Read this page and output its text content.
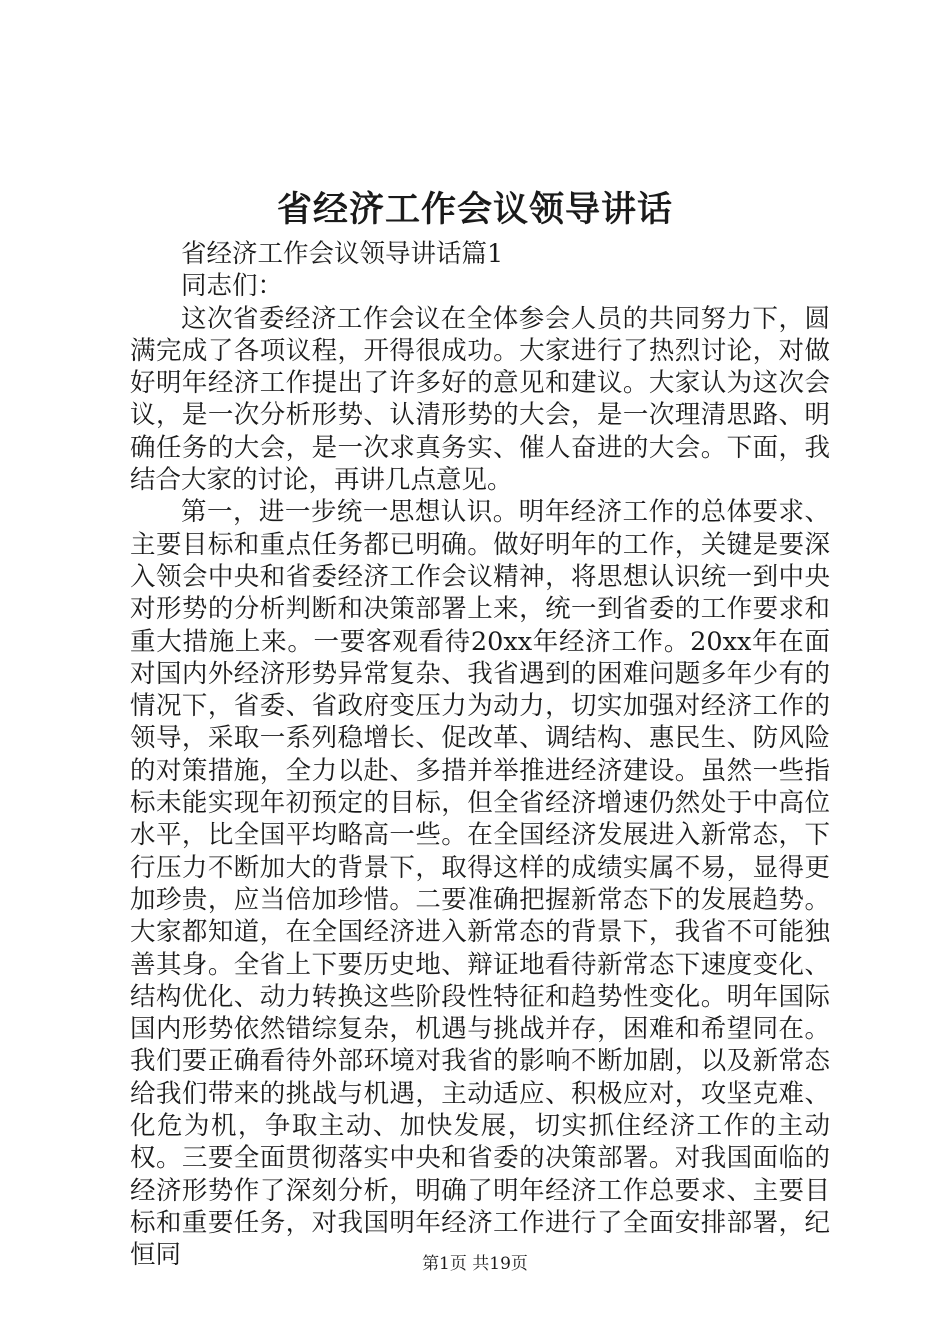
省经济工作会议领导讲话

省经济工作会议领导讲话篇1

同志们：

这次省委经济工作会议在全体参会人员的共同努力下，圆满完成了各项议程，开得很成功。大家进行了热烈讨论，对做好明年经济工作提出了许多好的意见和建议。大家认为这次会议，是一次分析形势、认清形势的大会，是一次理清思路、明确任务的大会，是一次求真务实、催人奋进的大会。下面，我结合大家的讨论，再讲几点意见。

第一，进一步统一思想认识。明年经济工作的总体要求、主要目标和重点任务都已明确。做好明年的工作，关键是要深入领会中央和省委经济工作会议精神，将思想认识统一到中央对形势的分析判断和决策部署上来，统一到省委的工作要求和重大措施上来。一要客观看待20xx年经济工作。20xx年在面对国内外经济形势异常复杂、我省遇到的困难问题多年少有的情况下，省委、省政府变压力为动力，切实加强对经济工作的领导，采取一系列稳增长、促改革、调结构、惠民生、防风险的对策措施，全力以赴、多措并举推进经济建设。虽然一些指标未能实现年初预定的目标，但全省经济增速仍然处于中高位水平，比全国平均略高一些。在全国经济发展进入新常态，下行压力不断加大的背景下，取得这样的成绩实属不易，显得更加珍贵，应当倍加珍惜。二要准确把握新常态下的发展趋势。大家都知道，在全国经济进入新常态的背景下，我省不可能独善其身。全省上下要历史地、辩证地看待新常态下速度变化、结构优化、动力转换这些阶段性特征和趋势性变化。明年国际国内形势依然错综复杂，机遇与挑战并存，困难和希望同在。我们要正确看待外部环境对我省的影响不断加剧，以及新常态给我们带来的挑战与机遇，主动适应、积极应对，攻坚克难、化危为机，争取主动、加快发展，切实抓住经济工作的主动权。三要全面贯彻落实中央和省委的决策部署。对我国面临的经济形势作了深刻分析，明确了明年经济工作总要求、主要目标和重要任务，对我国明年经济工作进行了全面安排部署，纪恒同	第1页 共19页
